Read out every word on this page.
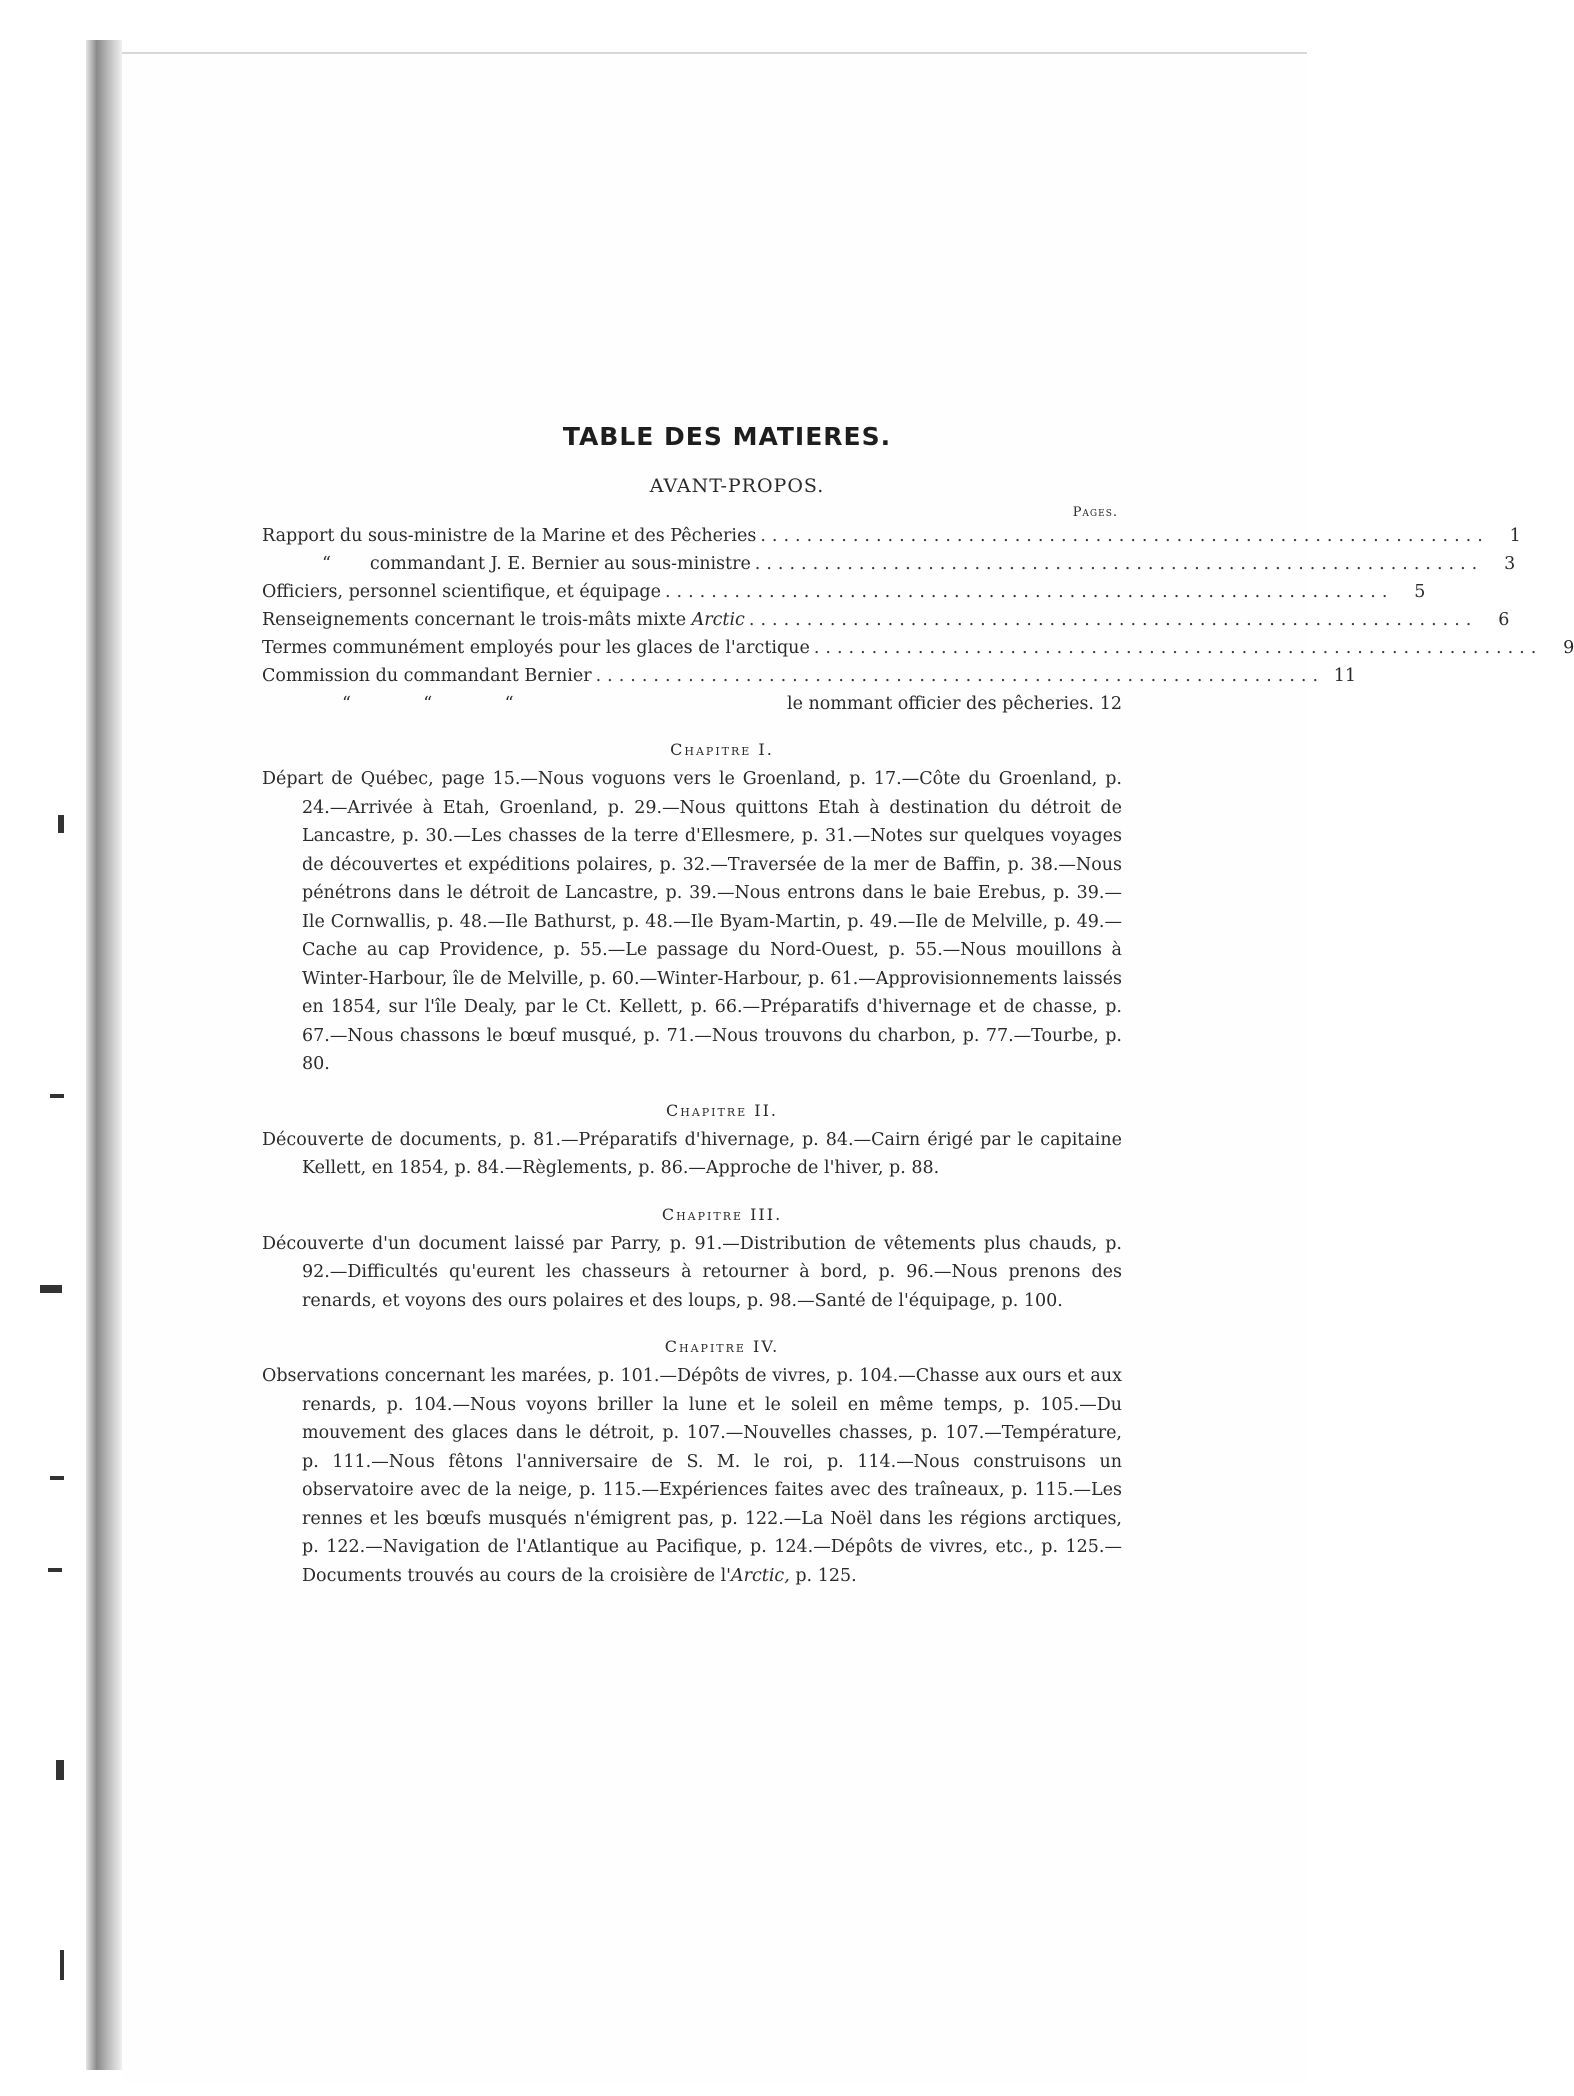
TABLE DES MATIERES.
AVANT-PROPOS.
Pages.
Rapport du sous-ministre de la Marine et des Pêcheries ...............................................................	1
“ commandant J. E. Bernier au sous-ministre ...............................................................	3
Officiers, personnel scientifique, et équipage ...............................................................	5
Renseignements concernant le trois-mâts mixte Arctic ...............................................................	6
Termes communément employés pour les glaces de l'arctique ...............................................................	9
Commission du commandant Bernier ............................................................... 11
“	“	“	le nommant officier des pêcheries. 12
Chapitre I.

Départ de Québec, page 15.—Nous voguons vers le Groenland, p. 17.—Côte du Groenland, p. 24.—Arrivée à Etah, Groenland, p. 29.—Nous quittons Etah à destination du détroit de Lancastre, p. 30.—Les chasses de la terre d'Ellesmere, p. 31.—Notes sur quelques voyages de découvertes et expéditions polaires, p. 32.—Traversée de la mer de Baffin, p. 38.—Nous pénétrons dans le détroit de Lancastre, p. 39.—Nous entrons dans le baie Erebus, p. 39.—Ile Cornwallis, p. 48.—Ile Bathurst, p. 48.—Ile Byam-Martin, p. 49.—Ile de Melville, p. 49.—Cache au cap Providence, p. 55.—Le passage du Nord-Ouest, p. 55.—Nous mouillons à Winter-Harbour, île de Melville, p. 60.—Winter-Harbour, p. 61.—Approvisionnements laissés en 1854, sur l'île Dealy, par le Ct. Kellett, p. 66.—Préparatifs d'hivernage et de chasse, p. 67.—Nous chassons le bœuf musqué, p. 71.—Nous trouvons du charbon, p. 77.—Tourbe, p. 80.

Chapitre II.

Découverte de documents, p. 81.—Préparatifs d'hivernage, p. 84.—Cairn érigé par le capitaine Kellett, en 1854, p. 84.—Règlements, p. 86.—Approche de l'hiver, p. 88.

Chapitre III.

Découverte d'un document laissé par Parry, p. 91.—Distribution de vêtements plus chauds, p. 92.—Difficultés qu'eurent les chasseurs à retourner à bord, p. 96.—Nous prenons des renards, et voyons des ours polaires et des loups, p. 98.—Santé de l'équipage, p. 100.

Chapitre IV.

Observations concernant les marées, p. 101.—Dépôts de vivres, p. 104.—Chasse aux ours et aux renards, p. 104.—Nous voyons briller la lune et le soleil en même temps, p. 105.—Du mouvement des glaces dans le détroit, p. 107.—Nouvelles chasses, p. 107.—Température, p. 111.—Nous fêtons l'anniversaire de S. M. le roi, p. 114.—Nous construisons un observatoire avec de la neige, p. 115.—Expériences faites avec des traîneaux, p. 115.—Les rennes et les bœufs musqués n'émigrent pas, p. 122.—La Noël dans les régions arctiques, p. 122.—Navigation de l'Atlantique au Pacifique, p. 124.—Dépôts de vivres, etc., p. 125.—Documents trouvés au cours de la croisière de l'Arctic, p. 125.
